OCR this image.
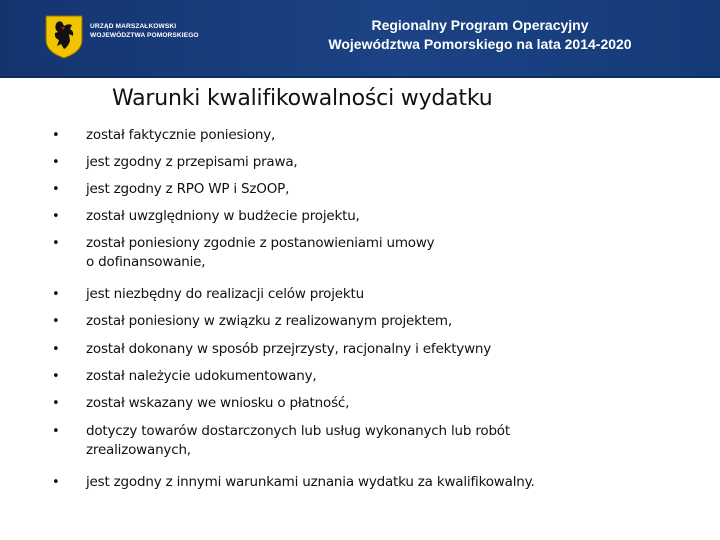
URZĄD MARSZAŁKOWSKI
WOJEWÓDZTWA POMORSKIEGO
Regionalny Program Operacyjny
Województwa Pomorskiego na lata 2014-2020
Warunki kwalifikowalności wydatku
• został faktycznie poniesiony,
• jest zgodny z przepisami prawa,
• jest zgodny z RPO WP i SzOOP,
• został uwzględniony w budżecie projektu,
• został poniesiony zgodnie z postanowieniami umowy
o dofinansowanie,
• jest niezbędny do realizacji celów projektu
• został poniesiony w związku z realizowanym projektem,
• został dokonany w sposób przejrzysty, racjonalny i efektywny
• został należycie udokumentowany,
• został wskazany we wniosku o płatność,
• dotyczy towarów dostarczonych lub usług wykonanych lub robót
zrealizowanych,
• jest zgodny z innymi warunkami uznania wydatku za kwalifikowalny.
